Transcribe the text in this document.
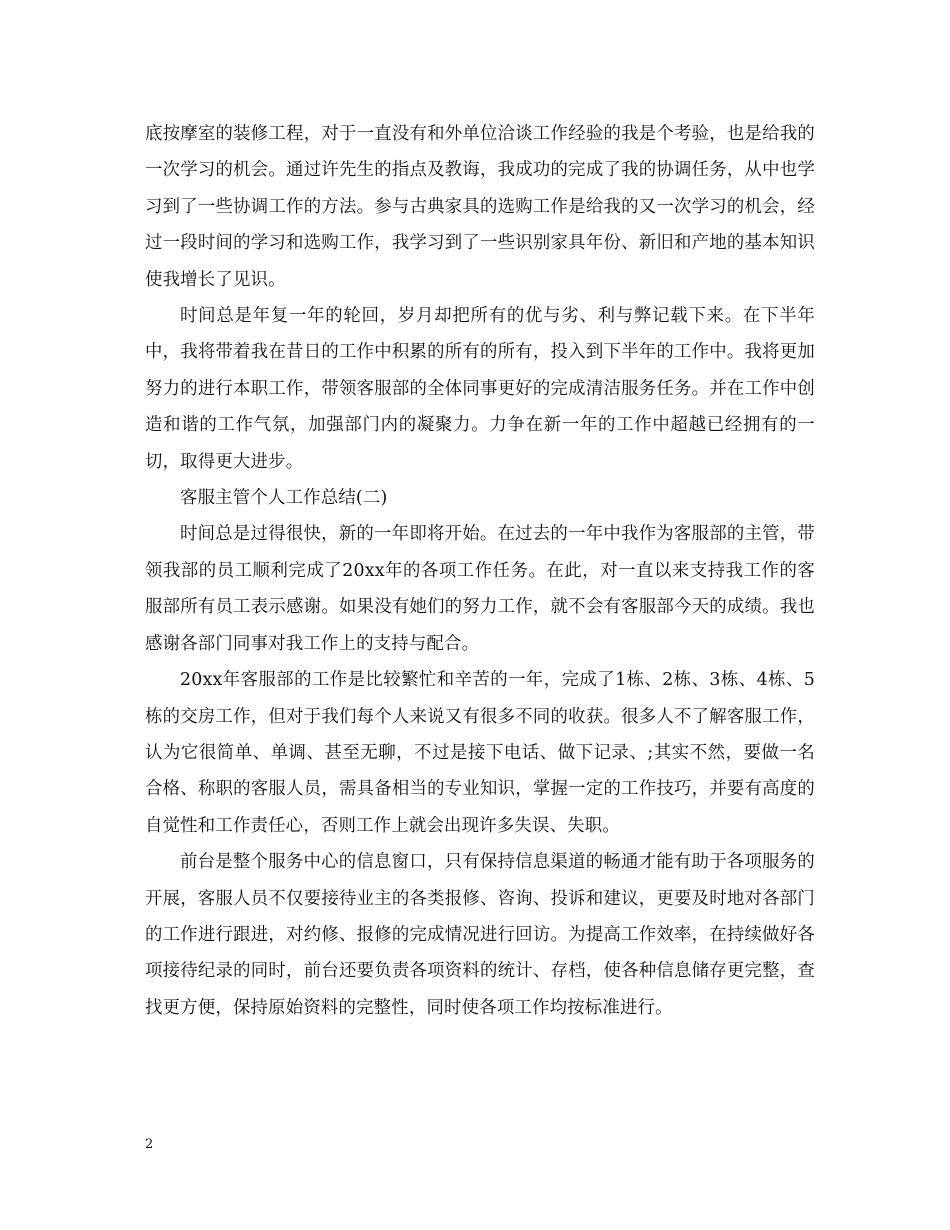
底按摩室的装修工程，对于一直没有和外单位洽谈工作经验的我是个考验，也是给我的一次学习的机会。通过许先生的指点及教诲，我成功的完成了我的协调任务，从中也学习到了一些协调工作的方法。参与古典家具的选购工作是给我的又一次学习的机会，经过一段时间的学习和选购工作，我学习到了一些识别家具年份、新旧和产地的基本知识使我增长了见识。

时间总是年复一年的轮回，岁月却把所有的优与劣、利与弊记载下来。在下半年中，我将带着我在昔日的工作中积累的所有的所有，投入到下半年的工作中。我将更加努力的进行本职工作，带领客服部的全体同事更好的完成清洁服务任务。并在工作中创造和谐的工作气氛，加强部门内的凝聚力。力争在新一年的工作中超越已经拥有的一切，取得更大进步。

客服主管个人工作总结(二)

时间总是过得很快，新的一年即将开始。在过去的一年中我作为客服部的主管，带领我部的员工顺利完成了20xx年的各项工作任务。在此，对一直以来支持我工作的客服部所有员工表示感谢。如果没有她们的努力工作，就不会有客服部今天的成绩。我也感谢各部门同事对我工作上的支持与配合。

20xx年客服部的工作是比较繁忙和辛苦的一年，完成了1栋、2栋、3栋、4栋、5栋的交房工作，但对于我们每个人来说又有很多不同的收获。很多人不了解客服工作，认为它很简单、单调、甚至无聊，不过是接下电话、做下记录、;其实不然，要做一名合格、称职的客服人员，需具备相当的专业知识，掌握一定的工作技巧，并要有高度的自觉性和工作责任心，否则工作上就会出现许多失误、失职。

前台是整个服务中心的信息窗口，只有保持信息渠道的畅通才能有助于各项服务的开展，客服人员不仅要接待业主的各类报修、咨询、投诉和建议，更要及时地对各部门的工作进行跟进，对约修、报修的完成情况进行回访。为提高工作效率，在持续做好各项接待纪录的同时，前台还要负责各项资料的统计、存档，使各种信息储存更完整，查找更方便，保持原始资料的完整性，同时使各项工作均按标准进行。

2
